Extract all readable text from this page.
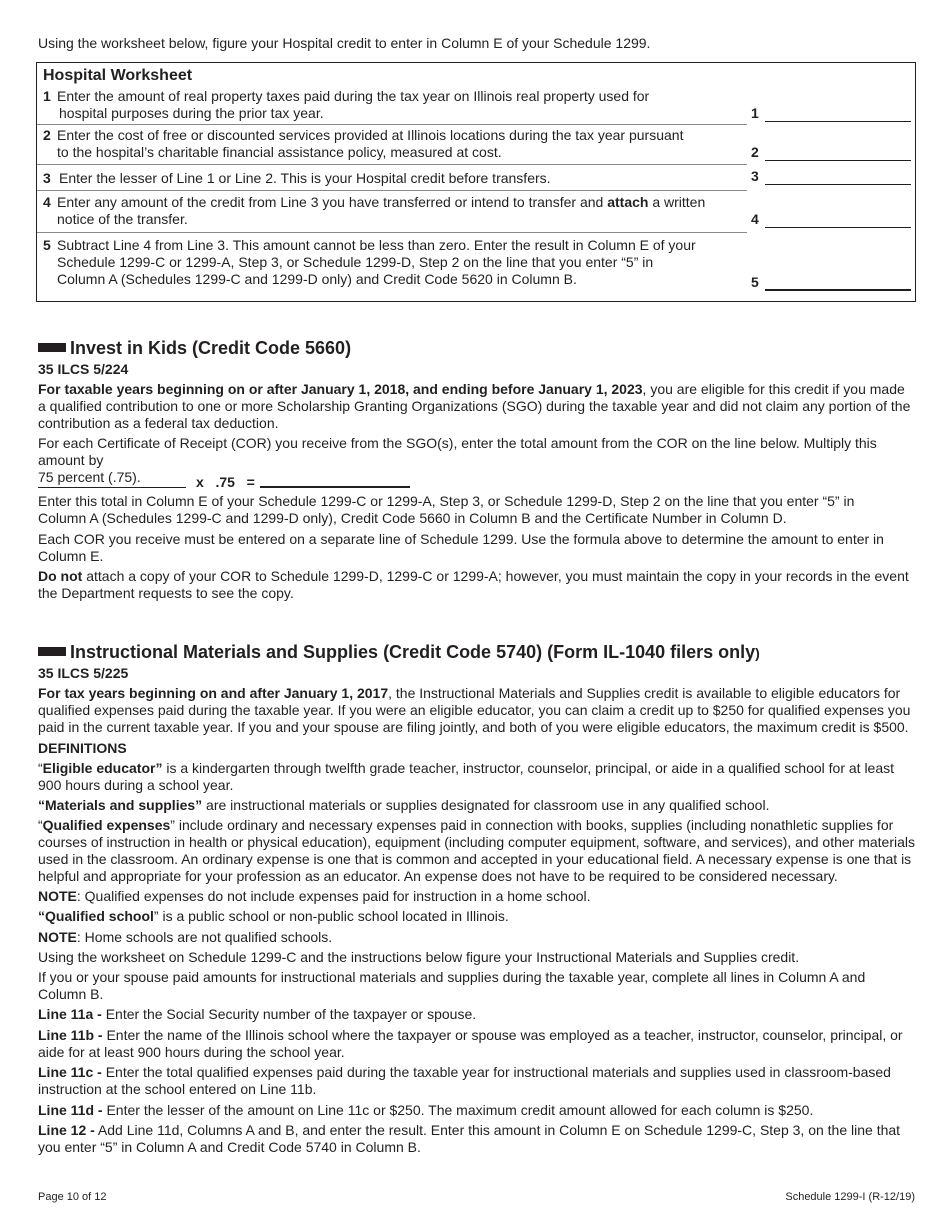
Using the worksheet below, figure your Hospital credit to enter in Column E of your Schedule 1299.

Hospital Worksheet
1 Enter the amount of real property taxes paid during the tax year on Illinois real property used for
hospital purposes during the prior tax year.	1
2 Enter the cost of free or discounted services provided at Illinois locations during the tax year pursuant
to the hospital’s charitable financial assistance policy, measured at cost.	2
3 Enter the lesser of Line 1 or Line 2. This is your Hospital credit before transfers.	3
4 Enter any amount of the credit from Line 3 you have transferred or intend to transfer and attach a written
notice of the transfer.	4
5 Subtract Line 4 from Line 3. This amount cannot be less than zero. Enter the result in Column E of your
Schedule 1299-C or 1299-A, Step 3, or Schedule 1299-D, Step 2 on the line that you enter “5” in
Column A (Schedules 1299-C and 1299-D only) and Credit Code 5620 in Column B.	5
Invest in Kids (Credit Code 5660)

35 ILCS 5/224

For taxable years beginning on or after January 1, 2018, and ending before January 1, 2023, you are eligible for this credit if you made

a qualified contribution to one or more Scholarship Granting Organizations (SGO) during the taxable year and did not claim any portion of the

contribution as a federal tax deduction.

For each Certificate of Receipt (COR) you receive from the SGO(s), enter the total amount from the COR on the line below. Multiply this amount by

75 percent (.75).	x   .75   =

Enter this total in Column E of your Schedule 1299-C or 1299-A, Step 3, or Schedule 1299-D, Step 2 on the line that you enter “5” in

Column A (Schedules 1299-C and 1299-D only), Credit Code 5660 in Column B and the Certificate Number in Column D.

Each COR you receive must be entered on a separate line of Schedule 1299. Use the formula above to determine the amount to enter in

Column E.

Do not attach a copy of your COR to Schedule 1299-D, 1299-C or 1299-A; however, you must maintain the copy in your records in the event

the Department requests to see the copy.

Instructional Materials and Supplies (Credit Code 5740) (Form IL-1040 filers only)

35 ILCS 5/225

For tax years beginning on and after January 1, 2017, the Instructional Materials and Supplies credit is available to eligible educators for

qualified expenses paid during the taxable year. If you were an eligible educator, you can claim a credit up to $250 for qualified expenses you

paid in the current taxable year. If you and your spouse are filing jointly, and both of you were eligible educators, the maximum credit is $500.

DEFINITIONS

“Eligible educator” is a kindergarten through twelfth grade teacher, instructor, counselor, principal, or aide in a qualified school for at least

900 hours during a school year.

“Materials and supplies” are instructional materials or supplies designated for classroom use in any qualified school.

“Qualified expenses” include ordinary and necessary expenses paid in connection with books, supplies (including nonathletic supplies for

courses of instruction in health or physical education), equipment (including computer equipment, software, and services), and other materials

used in the classroom. An ordinary expense is one that is common and accepted in your educational field. A necessary expense is one that is

helpful and appropriate for your profession as an educator. An expense does not have to be required to be considered necessary.

NOTE: Qualified expenses do not include expenses paid for instruction in a home school.

“Qualified school” is a public school or non-public school located in Illinois.

NOTE: Home schools are not qualified schools.

Using the worksheet on Schedule 1299-C and the instructions below figure your Instructional Materials and Supplies credit.

If you or your spouse paid amounts for instructional materials and supplies during the taxable year, complete all lines in Column A and

Column B.

Line 11a - Enter the Social Security number of the taxpayer or spouse.

Line 11b - Enter the name of the Illinois school where the taxpayer or spouse was employed as a teacher, instructor, counselor, principal, or

aide for at least 900 hours during the school year.

Line 11c - Enter the total qualified expenses paid during the taxable year for instructional materials and supplies used in classroom-based

instruction at the school entered on Line 11b.

Line 11d - Enter the lesser of the amount on Line 11c or $250. The maximum credit amount allowed for each column is $250.

Line 12 - Add Line 11d, Columns A and B, and enter the result. Enter this amount in Column E on Schedule 1299-C, Step 3, on the line that

you enter “5” in Column A and Credit Code 5740 in Column B.

Page 10 of 12	Schedule 1299-I (R-12/19)
